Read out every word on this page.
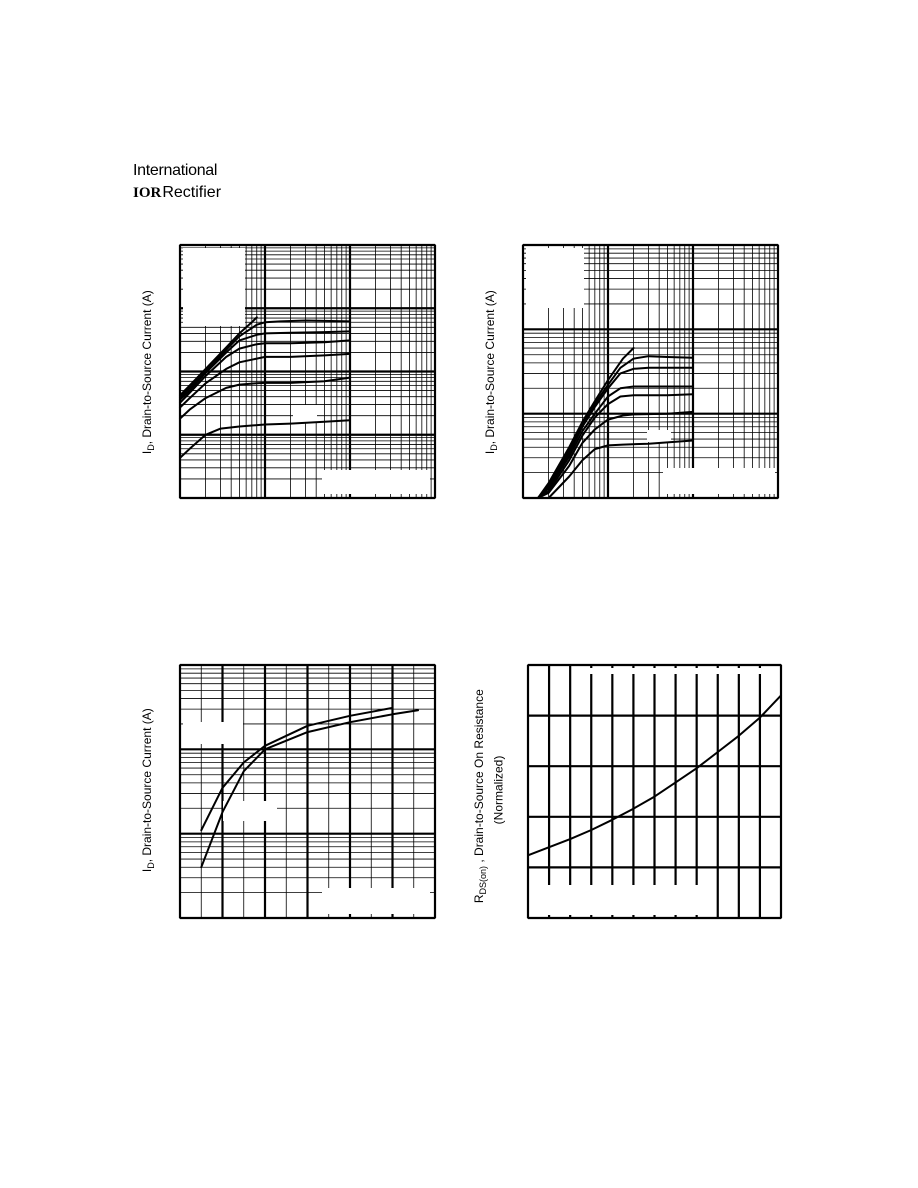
International
IORRectifier
$I_D$, Drain-to-Source Current (A)
$I_D$, Drain-to-Source Current (A)
$I_D$, Drain-to-Source Current (A)
$R_{DS(on)}$ , Drain-to-Source On Resistance (Normalized)
